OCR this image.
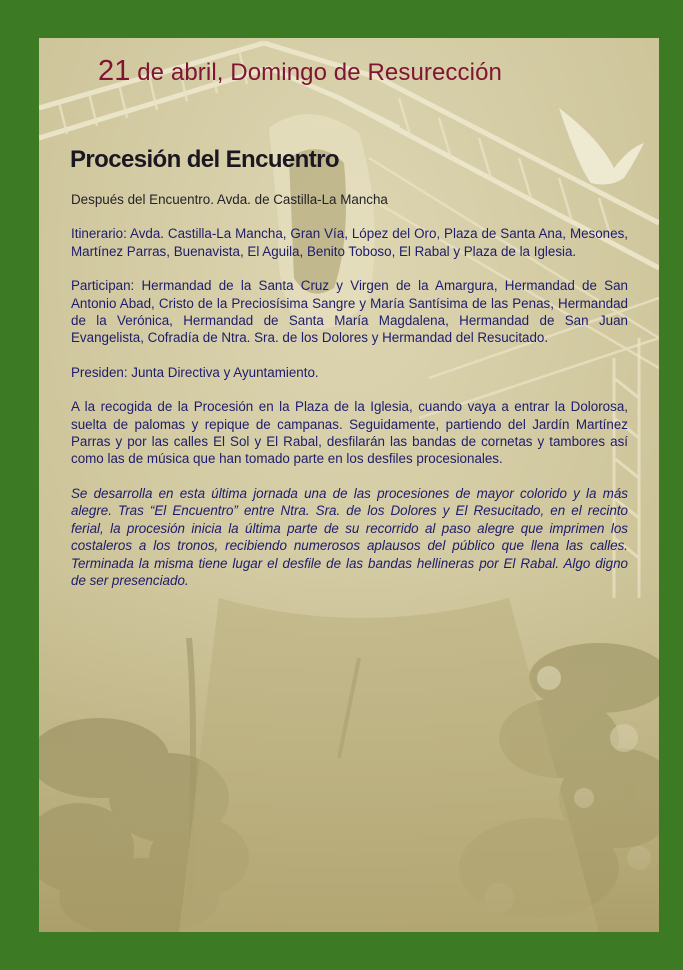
21 de abril, Domingo de Resurección
Procesión del Encuentro

Después del Encuentro. Avda. de Castilla-La Mancha

Itinerario: Avda. Castilla-La Mancha, Gran Vía, López del Oro, Plaza de Santa Ana, Mesones, Martínez Parras, Buenavista, El Aguila, Benito Toboso, El Rabal y Plaza de la Iglesia.

Participan: Hermandad de la Santa Cruz y Virgen de la Amargura, Hermandad de San Antonio Abad, Cristo de la Preciosísima Sangre y María Santísima de las Penas, Hermandad de la Verónica, Hermandad de Santa María Magdalena, Hermandad de San Juan Evangelista, Cofradía de Ntra. Sra. de los Dolores y Hermandad del Resucitado.

Presiden: Junta Directiva y Ayuntamiento.

A la recogida de la Procesión en la Plaza de la Iglesia, cuando vaya a entrar la Dolorosa, suelta de palomas y repique de campanas. Seguidamente, partiendo del Jardín Martínez Parras y por las calles El Sol y El Rabal, desfilarán las bandas de cornetas y tambores así como las de música que han tomado parte en los desfiles procesionales.

Se desarrolla en esta última jornada una de las procesiones de mayor colorido y la más alegre. Tras “El Encuentro” entre Ntra. Sra. de los Dolores y El Resucitado, en el recinto ferial, la procesión inicia la última parte de su recorrido al paso alegre que imprimen los costaleros a los tronos, recibiendo numerosos aplausos del público que llena las calles. Terminada la misma tiene lugar el desfile de las bandas hellineras por El Rabal. Algo digno de ser presenciado.
